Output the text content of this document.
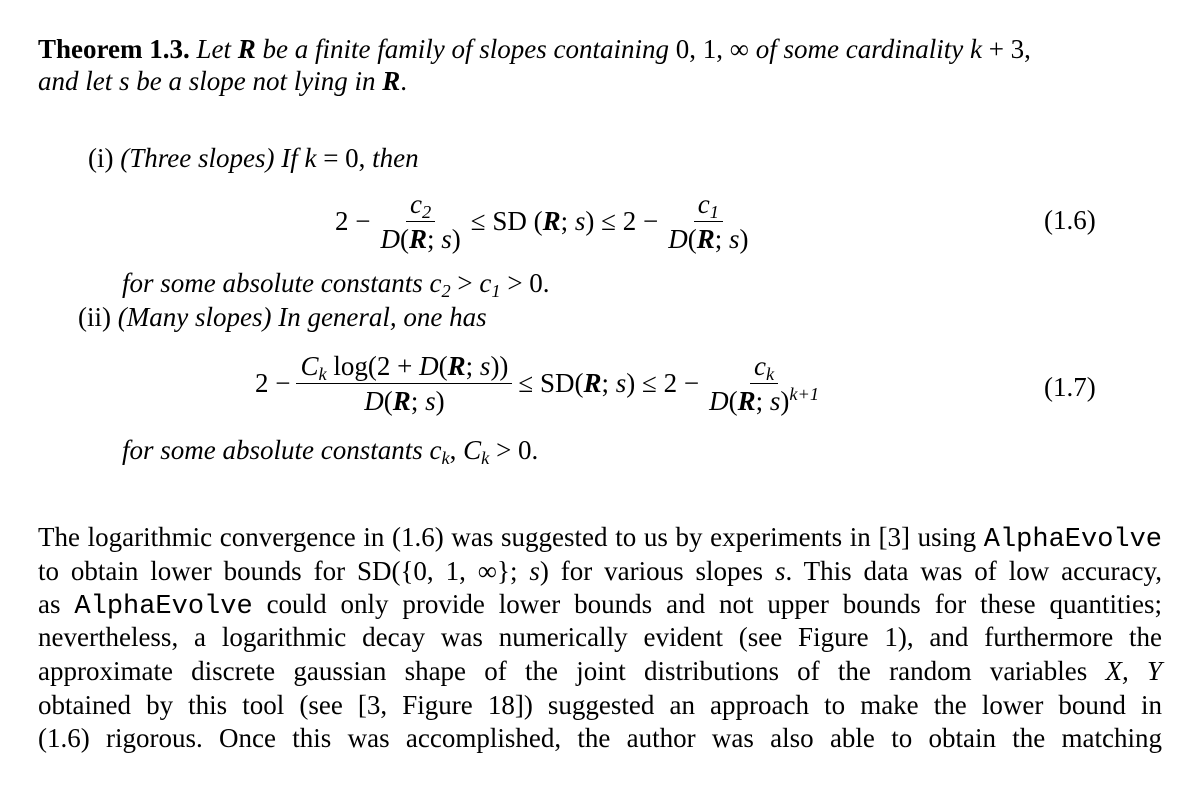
Theorem 1.3. Let R be a finite family of slopes containing 0, 1, ∞ of some cardinality k + 3,
and let s be a slope not lying in R.
(i) (Three slopes) If k = 0, then
$2 - \frac{c_2}{D(R; s)}$ ≤ SD (R; $s) \le 2 - \frac{c_1}{D(R; s)}$	(1.6)
for some absolute constants $c_2 > c_1 > 0$.
(ii) (Many slopes) In general, one has
$2 - \frac{C_k \log(2 + D(R; s))}{D(R; s)} \le SD(R$; $s) \le 2 - \frac{c_k}{D(R; s)^{k+1}}$	(1.7)
for some absolute constants $c_k$, $C_k > 0$.
The logarithmic convergence in (1.6) was suggested to us by experiments in [3] using AlphaEvolve
to obtain lower bounds for SD({0, 1, ∞}; s) for various slopes s. This data was of low accuracy,
as AlphaEvolve could only provide lower bounds and not upper bounds for these quantities;
nevertheless, a logarithmic decay was numerically evident (see Figure 1), and furthermore the
approximate discrete gaussian shape of the joint distributions of the random variables X, Y
obtained by this tool (see [3, Figure 18]) suggested an approach to make the lower bound in
(1.6) rigorous. Once this was accomplished, the author was also able to obtain the matching
